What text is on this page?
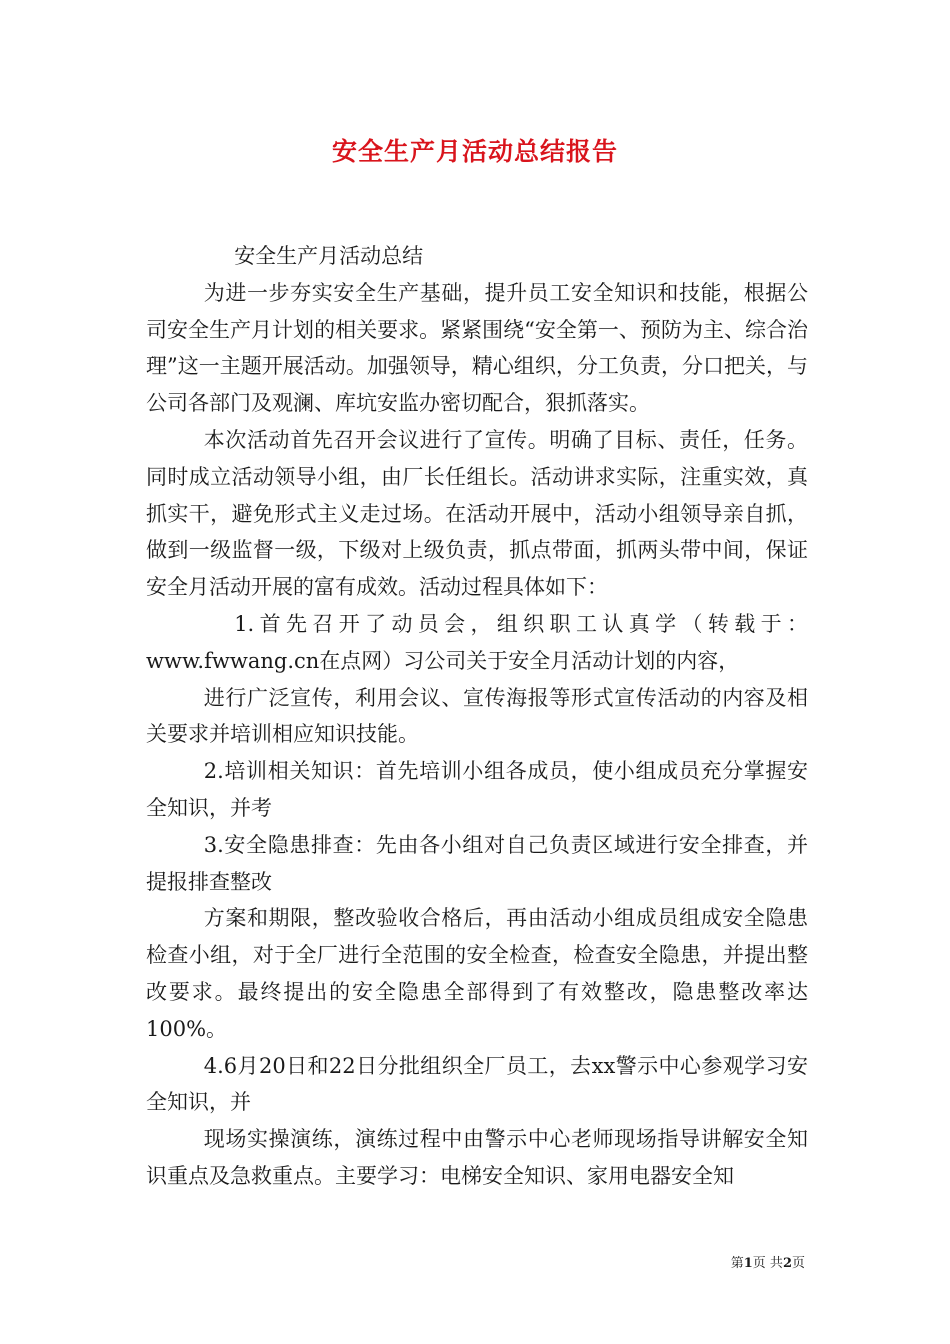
安全生产月活动总结报告

安全生产月活动总结

为进一步夯实安全生产基础，提升员工安全知识和技能，根据公司安全生产月计划的相关要求。紧紧围绕“安全第一、预防为主、综合治理”这一主题开展活动。加强领导，精心组织，分工负责，分口把关，与公司各部门及观澜、库坑安监办密切配合，狠抓落实。

本次活动首先召开会议进行了宣传。明确了目标、责任，任务。同时成立活动领导小组，由厂长任组长。活动讲求实际，注重实效，真抓实干，避免形式主义走过场。在活动开展中，活动小组领导亲自抓，做到一级监督一级，下级对上级负责，抓点带面，抓两头带中间，保证安全月活动开展的富有成效。活动过程具体如下：

1.首先召开了动员会，组织职工认真学（转载于：www.fwwang.cn在点网）习公司关于安全月活动计划的内容，

进行广泛宣传，利用会议、宣传海报等形式宣传活动的内容及相关要求并培训相应知识技能。

2.培训相关知识：首先培训小组各成员，使小组成员充分掌握安全知识，并考

3.安全隐患排查：先由各小组对自己负责区域进行安全排查，并提报排查整改

方案和期限，整改验收合格后，再由活动小组成员组成安全隐患检查小组，对于全厂进行全范围的安全检查，检查安全隐患，并提出整改要求。最终提出的安全隐患全部得到了有效整改，隐患整改率达100%。

4.6月20日和22日分批组织全厂员工，去xx警示中心参观学习安全知识，并

现场实操演练，演练过程中由警示中心老师现场指导讲解安全知识重点及急救重点。主要学习：电梯安全知识、家用电器安全知

第1页 共2页
